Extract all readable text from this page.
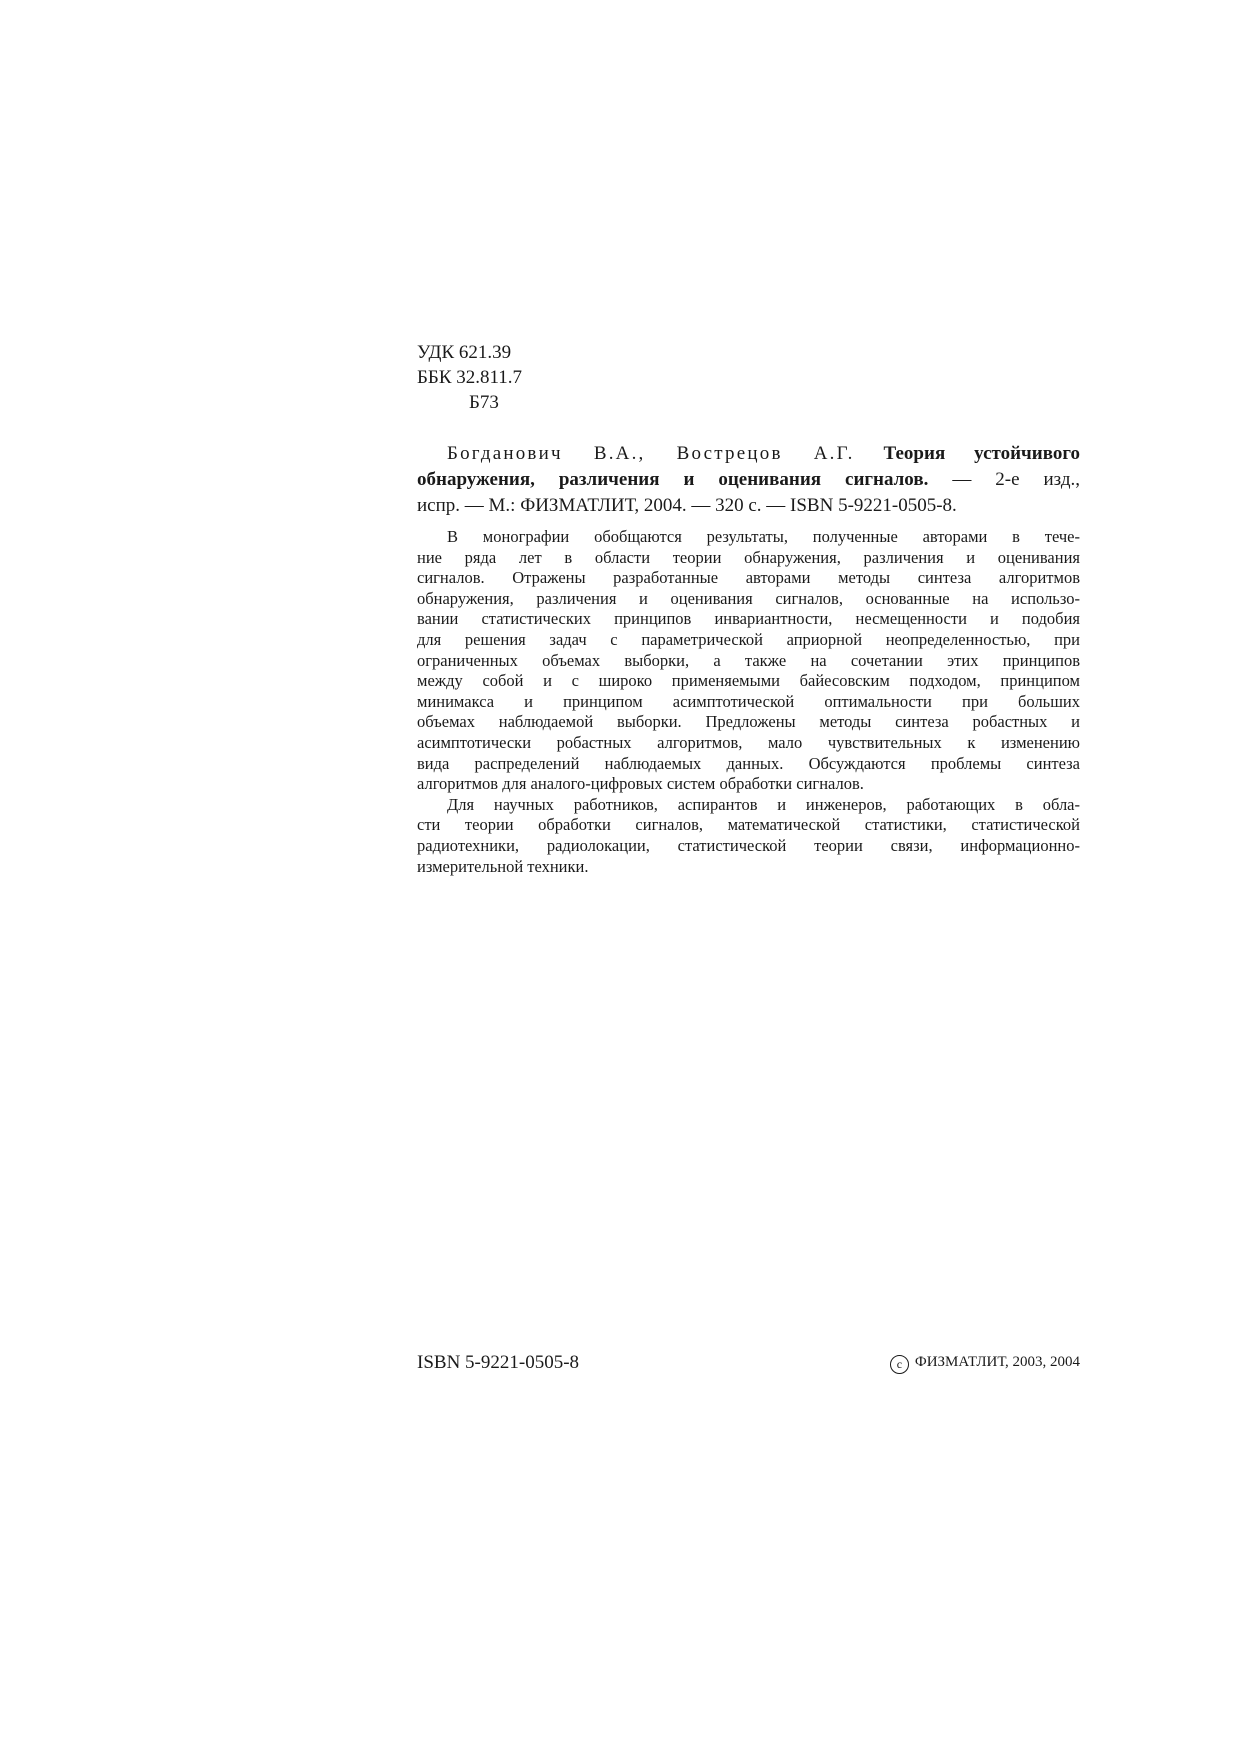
УДК 621.39
ББК 32.811.7
Б73
Богданович В.А., Вострецов А.Г. Теория устойчивого
обнаружения, различения и оценивания сигналов. — 2-е изд.,
испр. — М.: ФИЗМАТЛИТ, 2004. — 320 с. — ISBN 5-9221-0505-8.
В монографии обобщаются результаты, полученные авторами в тече-
ние ряда лет в области теории обнаружения, различения и оценивания
сигналов. Отражены разработанные авторами методы синтеза алгоритмов
обнаружения, различения и оценивания сигналов, основанные на использо-
вании статистических принципов инвариантности, несмещенности и подобия
для решения задач с параметрической априорной неопределенностью, при
ограниченных объемах выборки, а также на сочетании этих принципов
между собой и с широко применяемыми байесовским подходом, принципом
минимакса и принципом асимптотической оптимальности при больших
объемах наблюдаемой выборки. Предложены методы синтеза робастных и
асимптотически робастных алгоритмов, мало чувствительных к изменению
вида распределений наблюдаемых данных. Обсуждаются проблемы синтеза
алгоритмов для аналого-цифровых систем обработки сигналов.
Для научных работников, аспирантов и инженеров, работающих в обла-
сти теории обработки сигналов, математической статистики, статистической
радиотехники, радиолокации, статистической теории связи, информационно-
измерительной техники.
ISBN 5-9221-0505-8	c ФИЗМАТЛИТ, 2003, 2004
